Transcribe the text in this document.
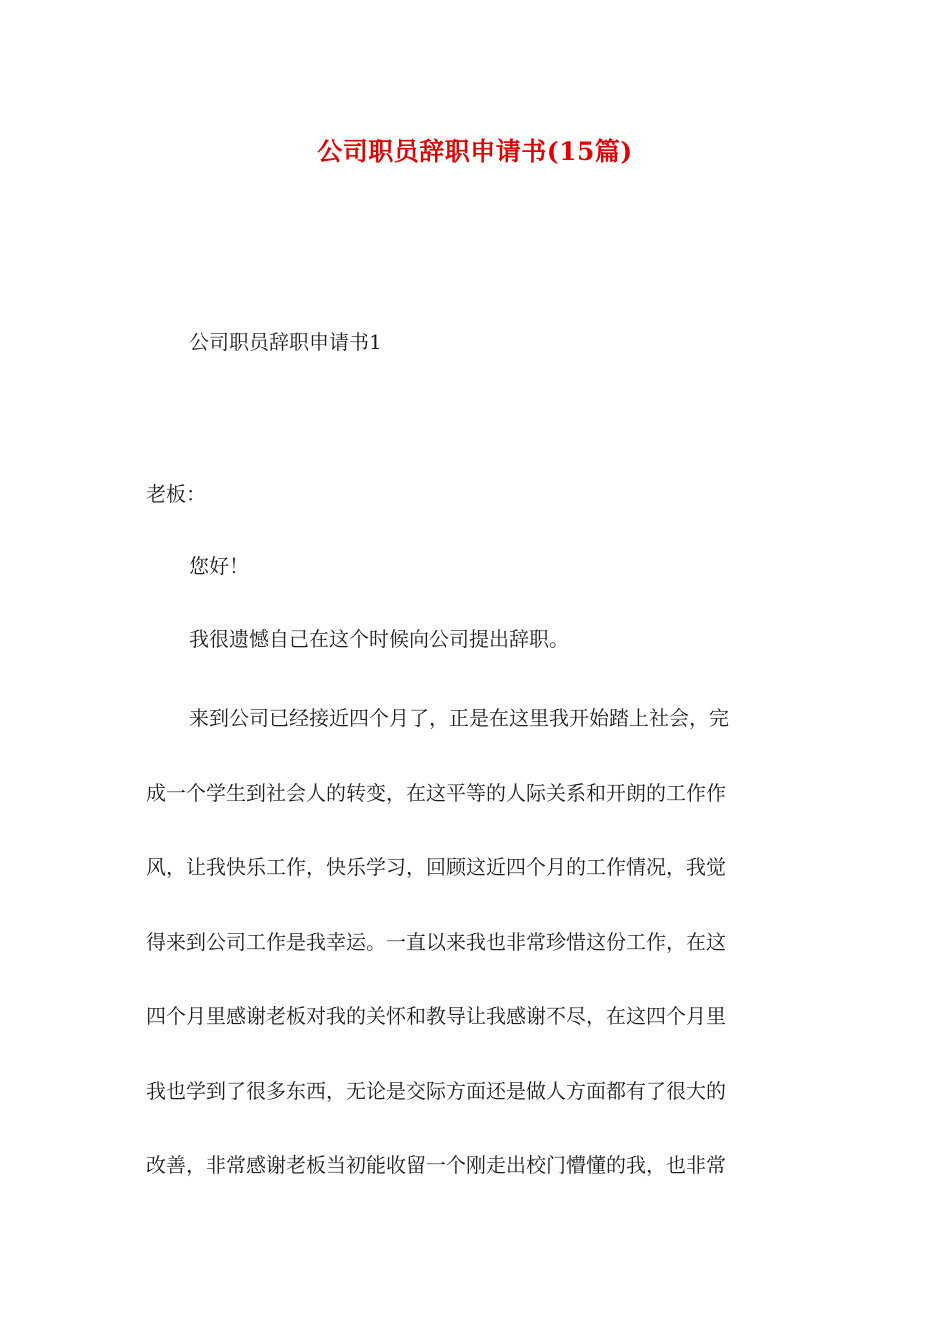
公司职员辞职申请书(15篇)

公司职员辞职申请书1

老板：

您好！

我很遗憾自己在这个时候向公司提出辞职。

来到公司已经接近四个月了，正是在这里我开始踏上社会，完
成一个学生到社会人的转变，在这平等的人际关系和开朗的工作作
风，让我快乐工作，快乐学习，回顾这近四个月的工作情况，我觉
得来到公司工作是我幸运。一直以来我也非常珍惜这份工作，在这
四个月里感谢老板对我的关怀和教导让我感谢不尽，在这四个月里
我也学到了很多东西，无论是交际方面还是做人方面都有了很大的
改善，非常感谢老板当初能收留一个刚走出校门懵懂的我，也非常
